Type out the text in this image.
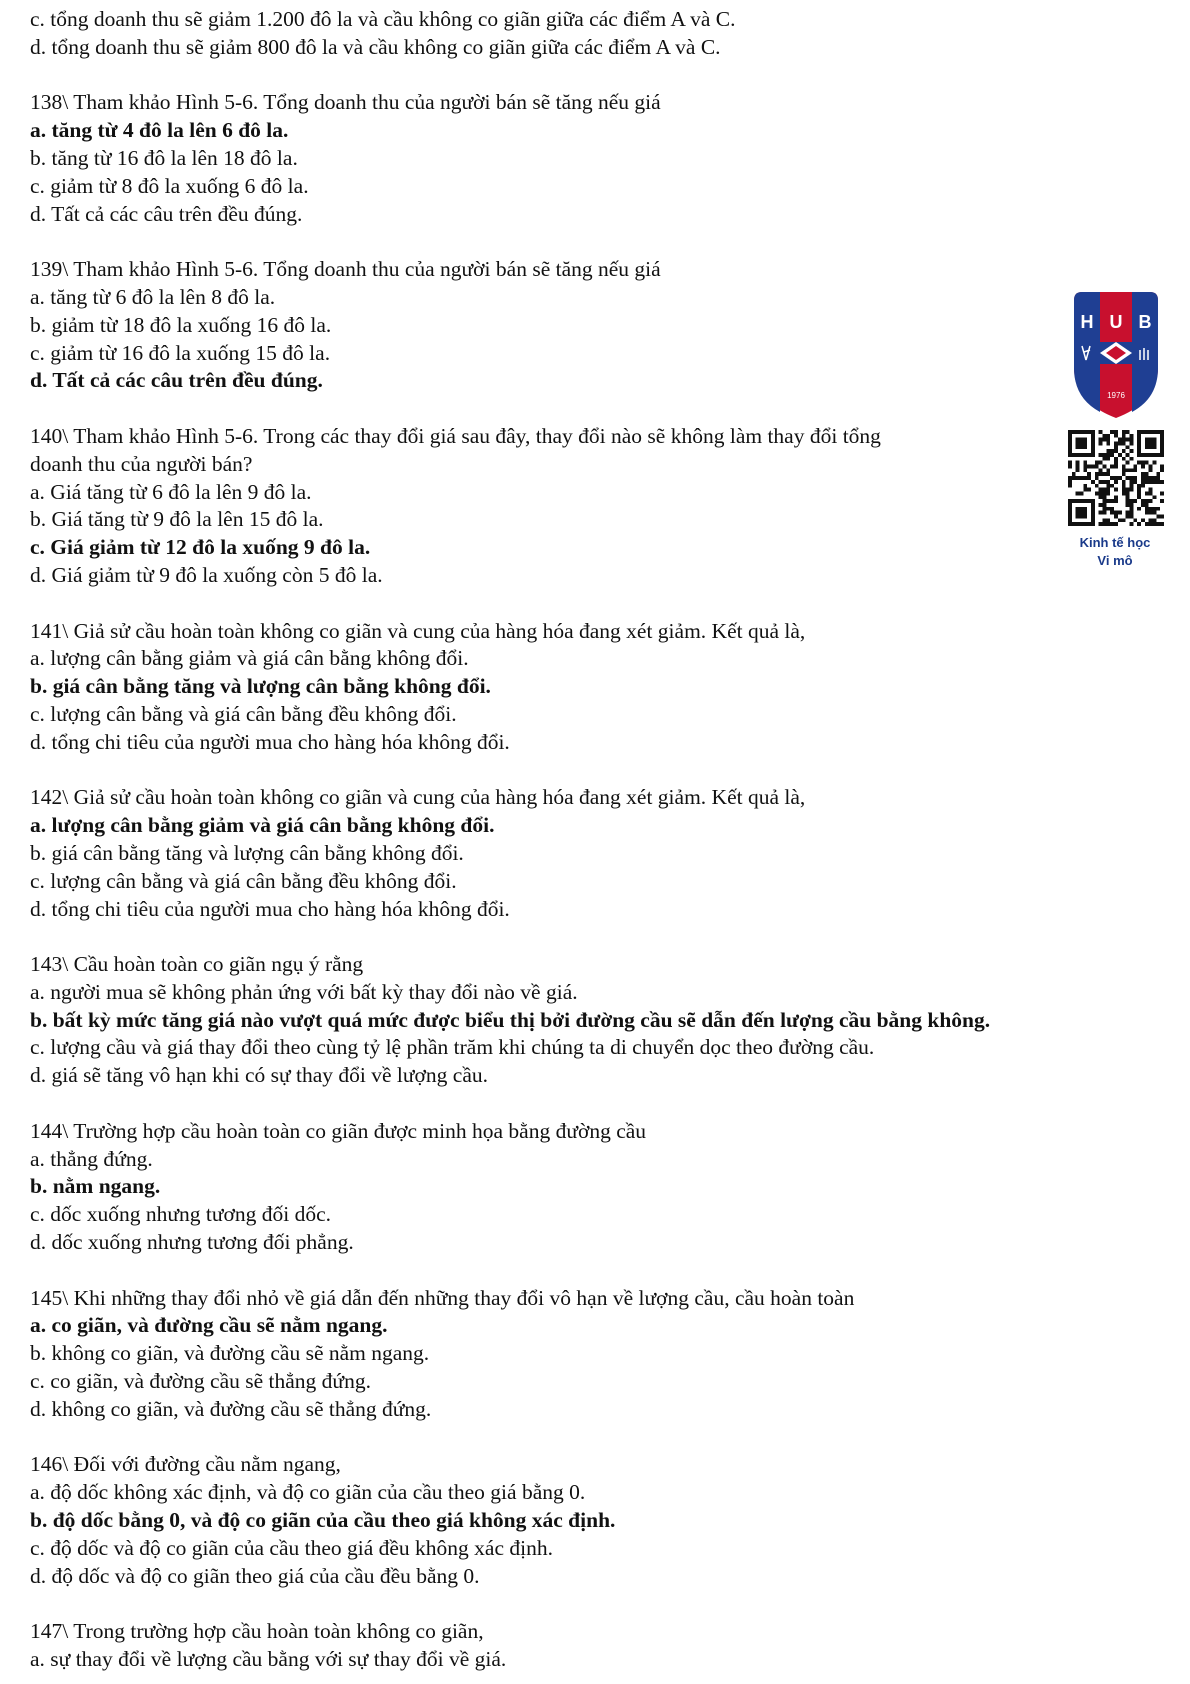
c. tổng doanh thu sẽ giảm 1.200 đô la và cầu không co giãn giữa các điểm A và C.
d. tổng doanh thu sẽ giảm 800 đô la và cầu không co giãn giữa các điểm A và C.
138\ Tham khảo Hình 5-6. Tổng doanh thu của người bán sẽ tăng nếu giá
a. tăng từ 4 đô la lên 6 đô la.
b. tăng từ 16 đô la lên 18 đô la.
c. giảm từ 8 đô la xuống 6 đô la.
d. Tất cả các câu trên đều đúng.
139\ Tham khảo Hình 5-6. Tổng doanh thu của người bán sẽ tăng nếu giá
a. tăng từ 6 đô la lên 8 đô la.
b. giảm từ 18 đô la xuống 16 đô la.
c. giảm từ 16 đô la xuống 15 đô la.
d. Tất cả các câu trên đều đúng.
140\ Tham khảo Hình 5-6. Trong các thay đổi giá sau đây, thay đổi nào sẽ không làm thay đổi tổng
doanh thu của người bán?
a. Giá tăng từ 6 đô la lên 9 đô la.
b. Giá tăng từ 9 đô la lên 15 đô la.
c. Giá giảm từ 12 đô la xuống 9 đô la.
d. Giá giảm từ 9 đô la xuống còn 5 đô la.
141\ Giả sử cầu hoàn toàn không co giãn và cung của hàng hóa đang xét giảm. Kết quả là,
a. lượng cân bằng giảm và giá cân bằng không đổi.
b. giá cân bằng tăng và lượng cân bằng không đổi.
c. lượng cân bằng và giá cân bằng đều không đổi.
d. tổng chi tiêu của người mua cho hàng hóa không đổi.
142\ Giả sử cầu hoàn toàn không co giãn và cung của hàng hóa đang xét giảm. Kết quả là,
a. lượng cân bằng giảm và giá cân bằng không đổi.
b. giá cân bằng tăng và lượng cân bằng không đổi.
c. lượng cân bằng và giá cân bằng đều không đổi.
d. tổng chi tiêu của người mua cho hàng hóa không đổi.
143\ Cầu hoàn toàn co giãn ngụ ý rằng
a. người mua sẽ không phản ứng với bất kỳ thay đổi nào về giá.
b. bất kỳ mức tăng giá nào vượt quá mức được biểu thị bởi đường cầu sẽ dẫn đến lượng cầu bằng không.
c. lượng cầu và giá thay đổi theo cùng tỷ lệ phần trăm khi chúng ta di chuyển dọc theo đường cầu.
d. giá sẽ tăng vô hạn khi có sự thay đổi về lượng cầu.
144\ Trường hợp cầu hoàn toàn co giãn được minh họa bằng đường cầu
a. thẳng đứng.
b. nằm ngang.
c. dốc xuống nhưng tương đối dốc.
d. dốc xuống nhưng tương đối phẳng.
145\ Khi những thay đổi nhỏ về giá dẫn đến những thay đổi vô hạn về lượng cầu, cầu hoàn toàn
a. co giãn, và đường cầu sẽ nằm ngang.
b. không co giãn, và đường cầu sẽ nằm ngang.
c. co giãn, và đường cầu sẽ thẳng đứng.
d. không co giãn, và đường cầu sẽ thẳng đứng.
146\ Đối với đường cầu nằm ngang,
a. độ dốc không xác định, và độ co giãn của cầu theo giá bằng 0.
b. độ dốc bằng 0, và độ co giãn của cầu theo giá không xác định.
c. độ dốc và độ co giãn của cầu theo giá đều không xác định.
d. độ dốc và độ co giãn theo giá của cầu đều bằng 0.
147\ Trong trường hợp cầu hoàn toàn không co giãn,
a. sự thay đổi về lượng cầu bằng với sự thay đổi về giá.
H U B
1976
Kinh tế học
Vi mô
